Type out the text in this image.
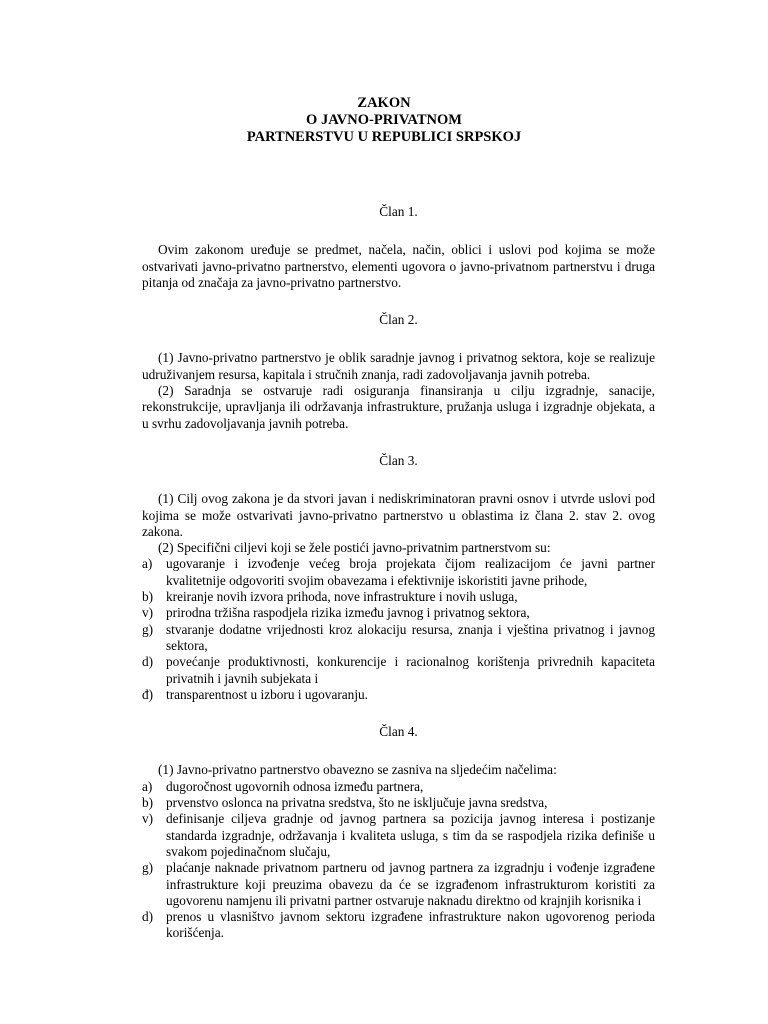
ZAKON
O JAVNO-PRIVATNOM
PARTNERSTVU U REPUBLICI SRPSKOJ
Član 1.

Ovim zakonom uređuje se predmet, načela, način, oblici i uslovi pod kojima se može ostvarivati javno-privatno partnerstvo, elementi ugovora o javno-privatnom partnerstvu i druga pitanja od značaja za javno-privatno partnerstvo.

Član 2.

(1) Javno-privatno partnerstvo je oblik saradnje javnog i privatnog sektora, koje se realizuje udruživanjem resursa, kapitala i stručnih znanja, radi zadovoljavanja javnih potreba.

(2) Saradnja se ostvaruje radi osiguranja finansiranja u cilju izgradnje, sanacije, rekonstrukcije, upravljanja ili održavanja infrastrukture, pružanja usluga i izgradnje objekata, a u svrhu zadovoljavanja javnih potreba.

Član 3.

(1) Cilj ovog zakona je da stvori javan i nediskriminatoran pravni osnov i utvrde uslovi pod kojima se može ostvarivati javno-privatno partnerstvo u oblastima iz člana 2. stav 2. ovog zakona.

(2) Specifični ciljevi koji se žele postići javno-privatnim partnerstvom su:

a) ugovaranje i izvođenje većeg broja projekata čijom realizacijom će javni partner kvalitetnije odgovoriti svojim obavezama i efektivnije iskoristiti javne prihode,
b) kreiranje novih izvora prihoda, nove infrastrukture i novih usluga,
v) prirodna tržišna raspodjela rizika između javnog i privatnog sektora,
g) stvaranje dodatne vrijednosti kroz alokaciju resursa, znanja i vještina privatnog i javnog sektora,
d) povećanje produktivnosti, konkurencije i racionalnog korištenja privrednih kapaciteta privatnih i javnih subjekata i
đ) transparentnost u izboru i ugovaranju.
Član 4.

(1) Javno-privatno partnerstvo obavezno se zasniva na sljedećim načelima:

a) dugoročnost ugovornih odnosa između partnera,
b) prvenstvo oslonca na privatna sredstva, što ne isključuje javna sredstva,
v) definisanje ciljeva gradnje od javnog partnera sa pozicija javnog interesa i postizanje standarda izgradnje, održavanja i kvaliteta usluga, s tim da se raspodjela rizika definiše u svakom pojedinačnom slučaju,
g) plaćanje naknade privatnom partneru od javnog partnera za izgradnju i vođenje izgrađene infrastrukture koji preuzima obavezu da će se izgrađenom infrastrukturom koristiti za ugovorenu namjenu ili privatni partner ostvaruje naknadu direktno od krajnjih korisnika i
d) prenos u vlasništvo javnom sektoru izgrađene infrastrukture nakon ugovorenog perioda korišćenja.
